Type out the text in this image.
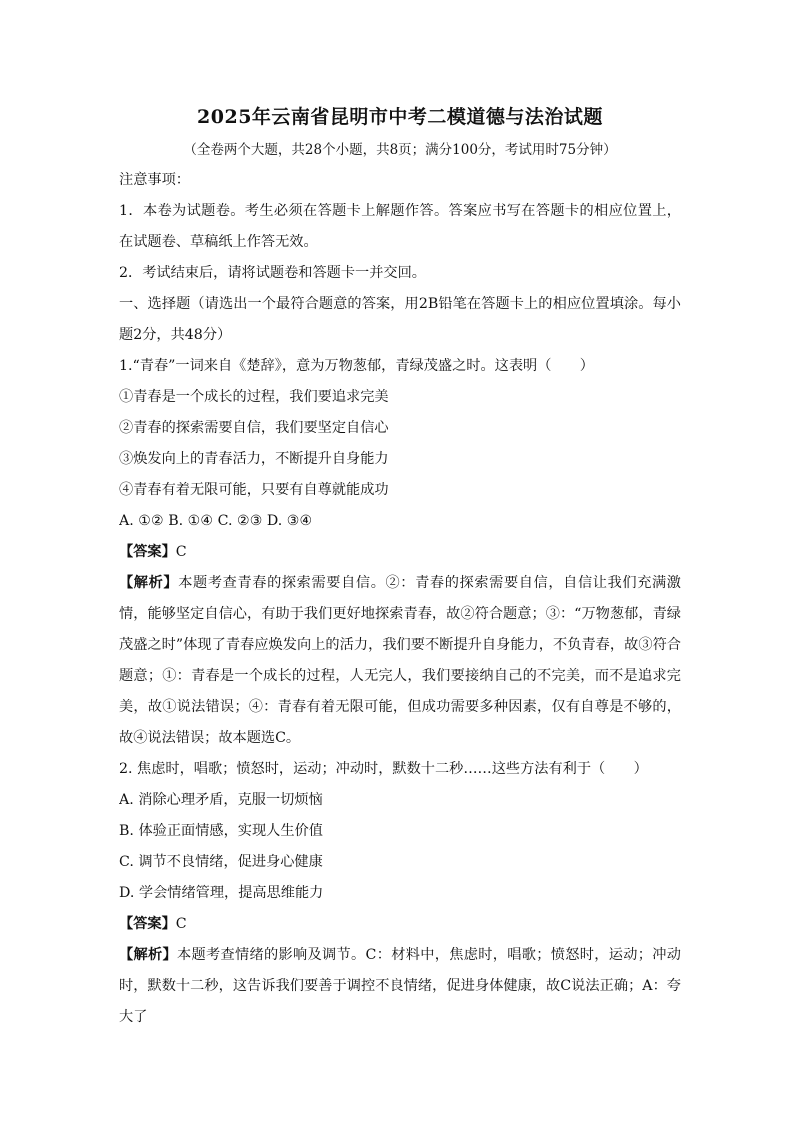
2025年云南省昆明市中考二模道德与法治试题
（全卷两个大题，共28个小题，共8页；满分100分，考试用时75分钟）
注意事项：
1．本卷为试题卷。考生必须在答题卡上解题作答。答案应书写在答题卡的相应位置上，在试题卷、草稿纸上作答无效。
2．考试结束后，请将试题卷和答题卡一并交回。
一、选择题（请选出一个最符合题意的答案，用2B铅笔在答题卡上的相应位置填涂。每小题2分，共48分）
1.“青春”一词来自《楚辞》，意为万物葱郁，青绿茂盛之时。这表明（　　）
①青春是一个成长的过程，我们要追求完美
②青春的探索需要自信，我们要坚定自信心
③焕发向上的青春活力，不断提升自身能力
④青春有着无限可能，只要有自尊就能成功
A. ①② B. ①④ C. ②③ D. ③④
【答案】C
【解析】本题考查青春的探索需要自信。②：青春的探索需要自信，自信让我们充满激情，能够坚定自信心，有助于我们更好地探索青春，故②符合题意；③：“万物葱郁，青绿茂盛之时”体现了青春应焕发向上的活力，我们要不断提升自身能力，不负青春，故③符合题意；①：青春是一个成长的过程，人无完人，我们要接纳自己的不完美，而不是追求完美，故①说法错误；④：青春有着无限可能，但成功需要多种因素，仅有自尊是不够的，故④说法错误；故本题选C。
2. 焦虑时，唱歌；愤怒时，运动；冲动时，默数十二秒……这些方法有利于（　　）
A. 消除心理矛盾，克服一切烦恼
B. 体验正面情感，实现人生价值
C. 调节不良情绪，促进身心健康
D. 学会情绪管理，提高思维能力
【答案】C
【解析】本题考查情绪的影响及调节。C：材料中，焦虑时，唱歌；愤怒时，运动；冲动时，默数十二秒，这告诉我们要善于调控不良情绪，促进身体健康，故C说法正确；A：夸大了
